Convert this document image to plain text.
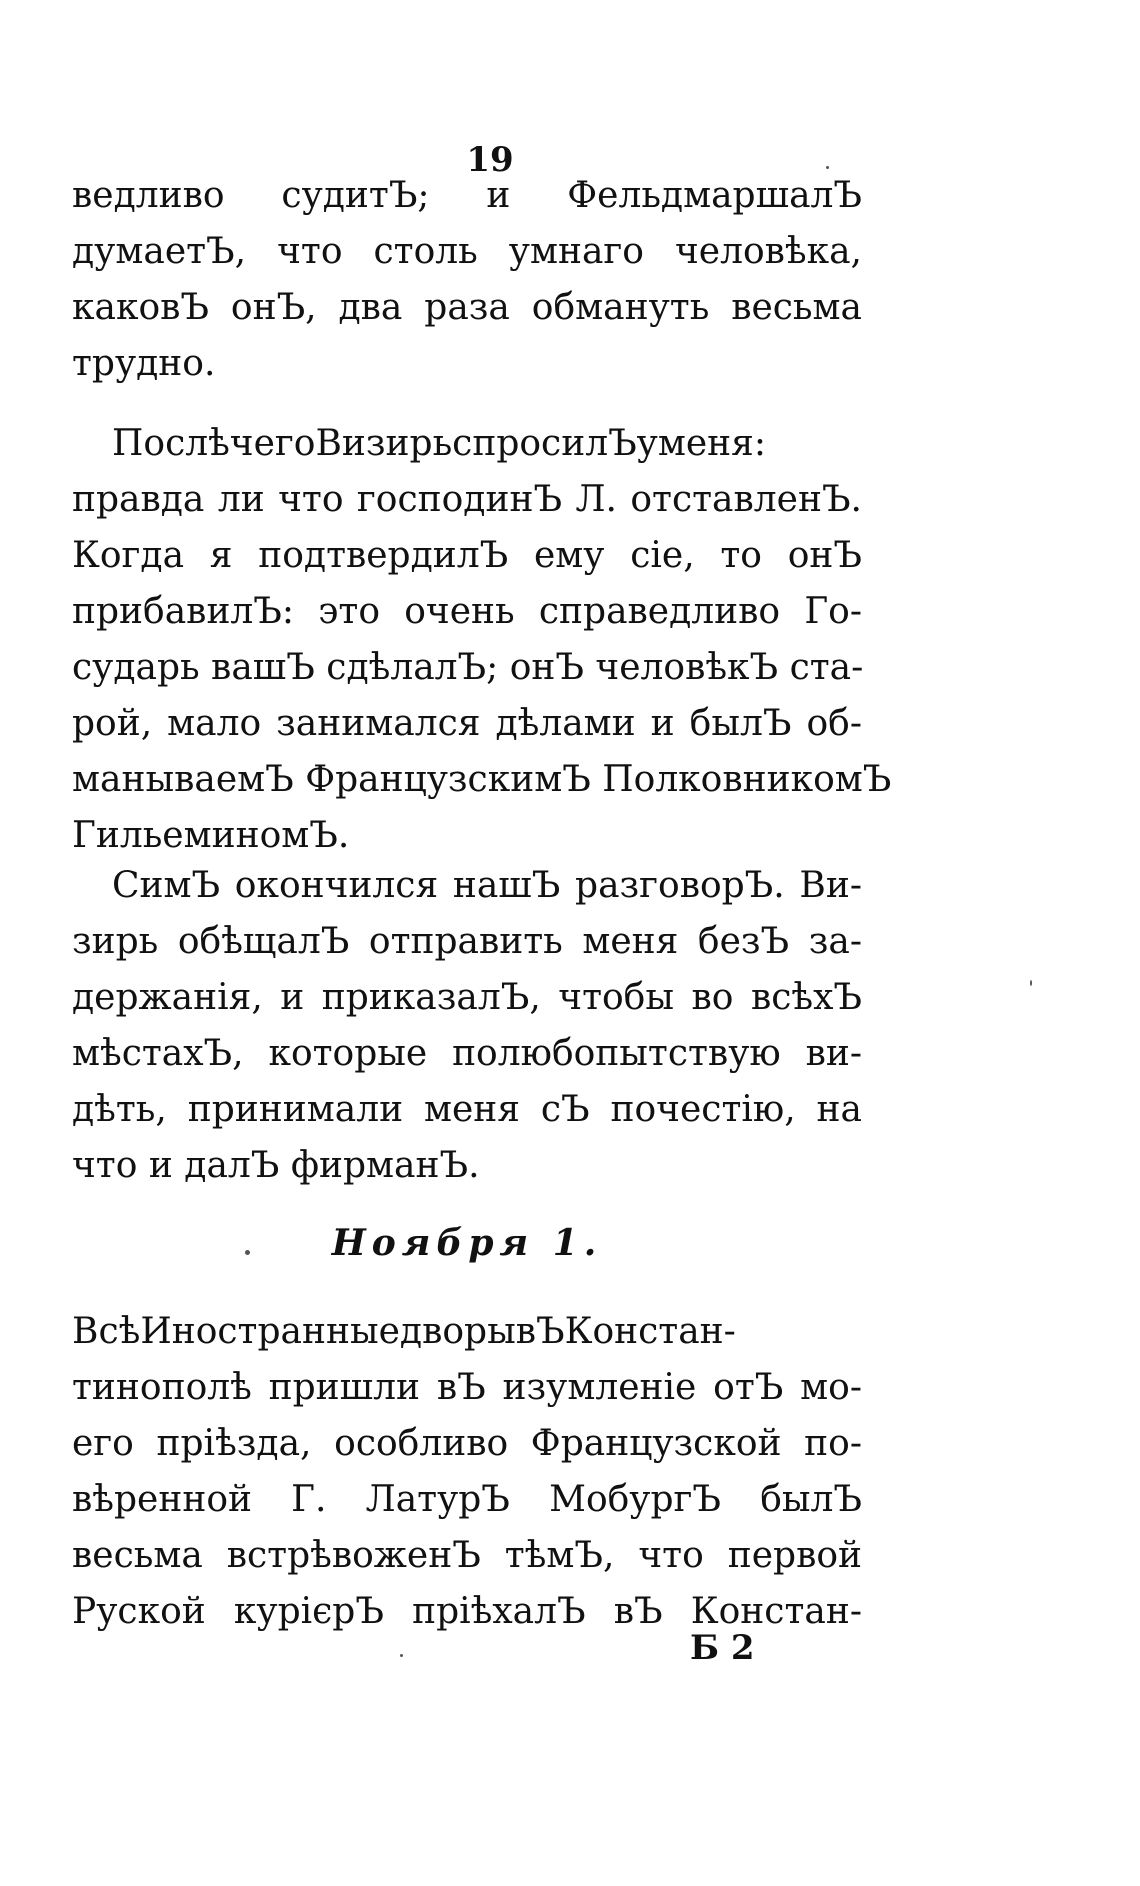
19
ведливо судитЪ; и ФельдмаршалЪ
думаетЪ, что столь умнаго человѣка,
каковЪ онЪ, два раза обмануть весьма
трудно.
ПослѣчегоВизирьспросилЪуменя:
правда ли что господинЪ Л. отставленЪ.
Когда я подтвердилЪ ему сіе, то онЪ
прибавилЪ: это очень справедливо Го-
сударь вашЪ сдѣлалЪ; онЪ человѣкЪ ста-
рой, мало занимался дѣлами и былЪ об-
манываемЪ ФранцузскимЪ ПолковникомЪ
ГильеминомЪ.
СимЪ окончился нашЪ разговорЪ. Ви-
зирь обѣщалЪ отправить меня безЪ за-
держанія, и приказалЪ, чтобы во всѣхЪ
мѣстахЪ, которые полюбопытствую ви-
дѣть, принимали меня сЪ почестію, на
что и далЪ фирманЪ.
Ноября 1.
ВсѣИностранныедворывЪКонстан-
тинополѣ пришли вЪ изумленіе отЪ мо-
его пріѣзда, особливо Французской по-
вѣренной Г. ЛатурЪ МобургЪ былЪ
весьма встрѣвоженЪ тѣмЪ, что первой
Руской курієрЪ пріѣхалЪ вЪ Констан-
Б 2
